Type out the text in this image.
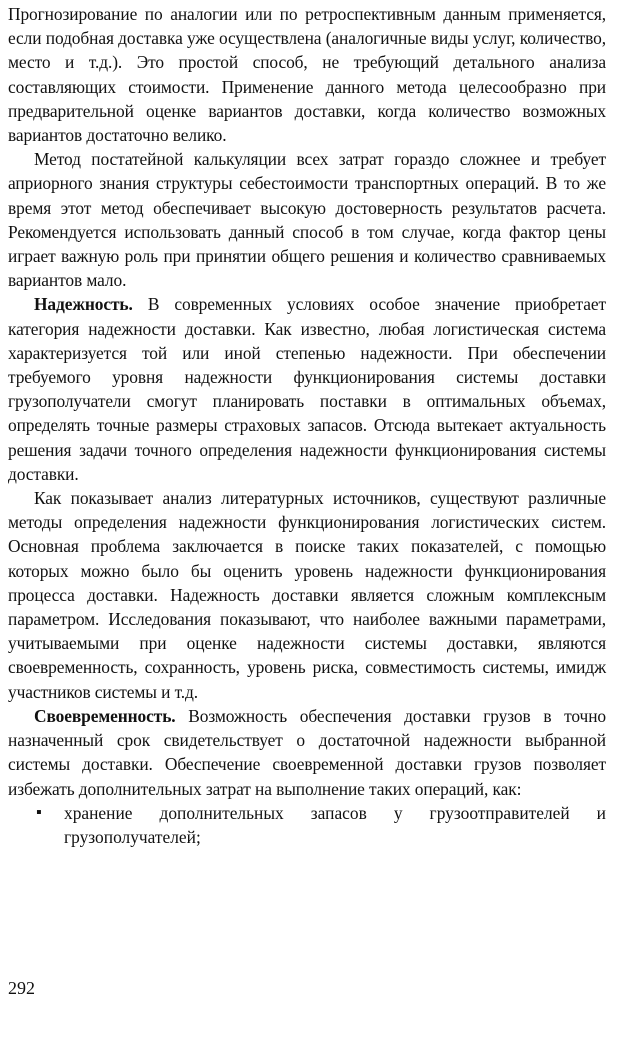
Прогнозирование по аналогии или по ретроспективным данным применяется, если подобная доставка уже осуществлена (аналогичные виды услуг, количество, место и т.д.). Это простой способ, не требующий детального анализа составляющих стоимости. Применение данного метода целесообразно при предварительной оценке вариантов доставки, когда количество возможных вариантов достаточно велико.

Метод постатейной калькуляции всех затрат гораздо сложнее и требует априорного знания структуры себестоимости транспортных операций. В то же время этот метод обеспечивает высокую достоверность результатов расчета. Рекомендуется использовать данный способ в том случае, когда фактор цены играет важную роль при принятии общего решения и количество сравниваемых вариантов мало.

Надежность. В современных условиях особое значение приобретает категория надежности доставки. Как известно, любая логистическая система характеризуется той или иной степенью надежности. При обеспечении требуемого уровня надежности функционирования системы доставки грузополучатели смогут планировать поставки в оптимальных объемах, определять точные размеры страховых запасов. Отсюда вытекает актуальность решения задачи точного определения надежности функционирования системы доставки.

Как показывает анализ литературных источников, существуют различные методы определения надежности функционирования логистических систем. Основная проблема заключается в поиске таких показателей, с помощью которых можно было бы оценить уровень надежности функционирования процесса доставки. Надежность доставки является сложным комплексным параметром. Исследования показывают, что наиболее важными параметрами, учитываемыми при оценке надежности системы доставки, являются своевременность, сохранность, уровень риска, совместимость системы, имидж участников системы и т.д.

Своевременность. Возможность обеспечения доставки грузов в точно назначенный срок свидетельствует о достаточной надежности выбранной системы доставки. Обеспечение своевременной доставки грузов позволяет избежать дополнительных затрат на выполнение таких операций, как:

▪ хранение дополнительных запасов у грузоотправителей и грузополучателей;

292
